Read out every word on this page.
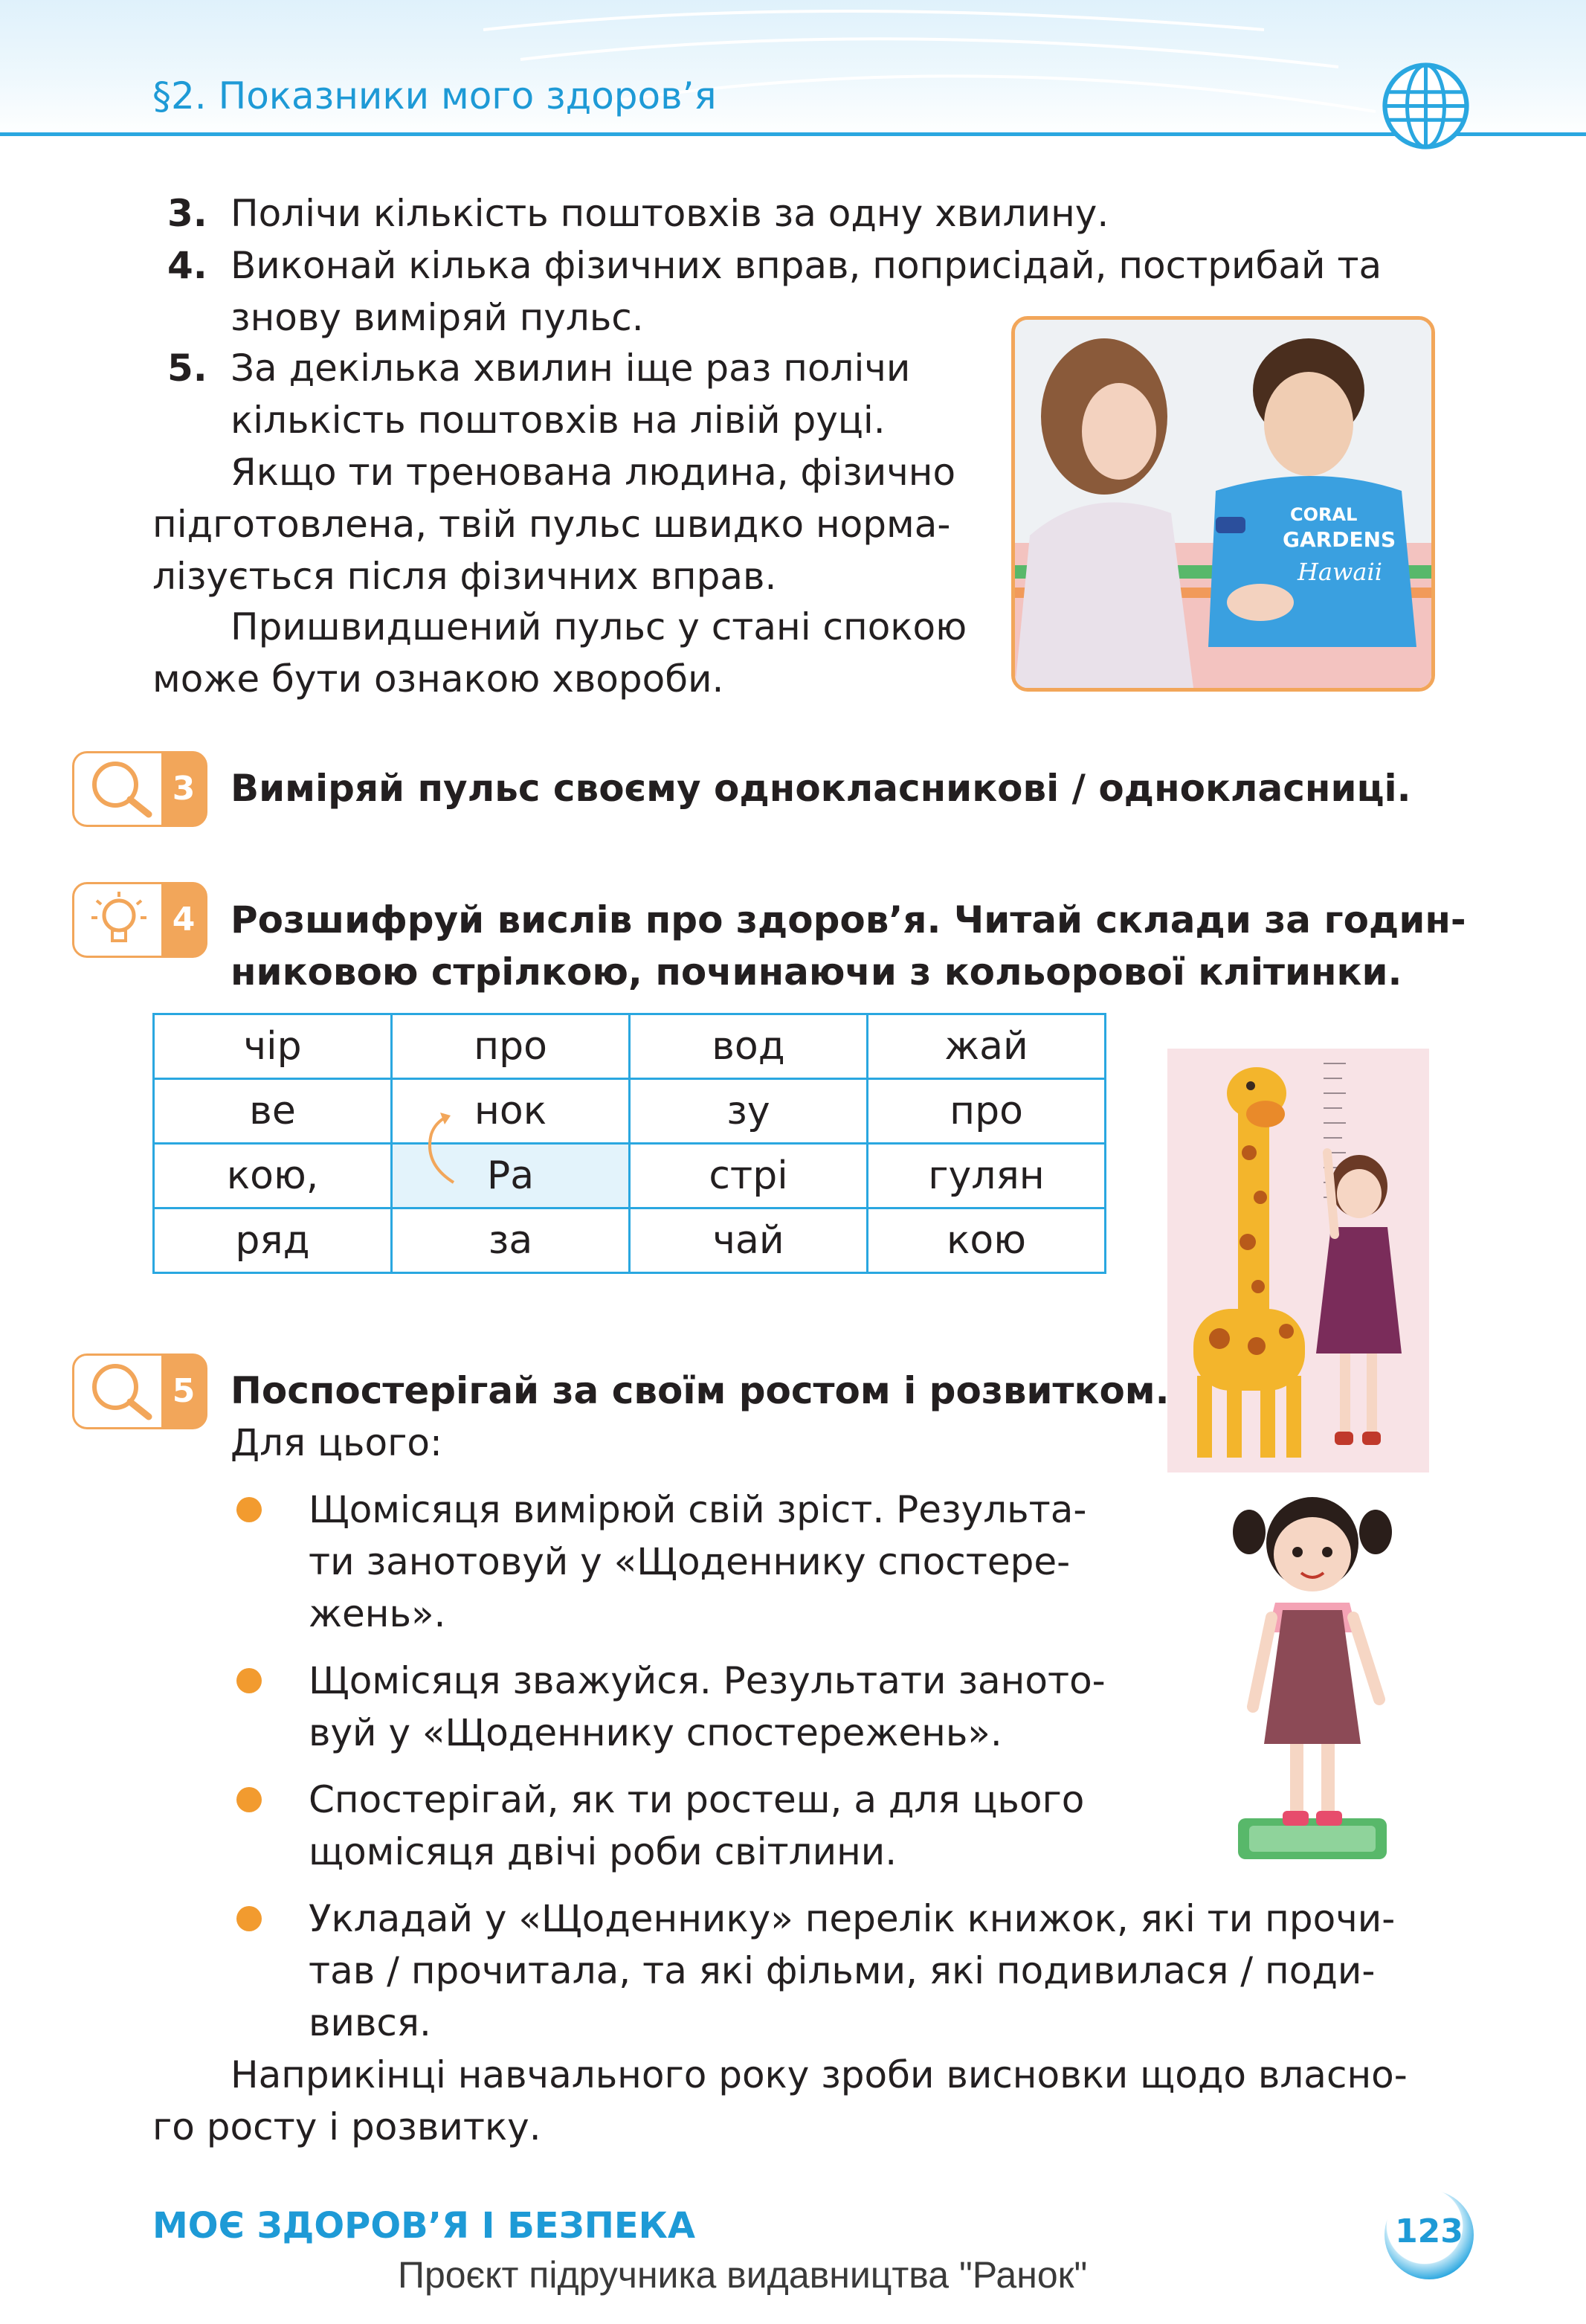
§2. Показники мого здоров’я
3. Полічи кількість поштовхів за одну хвилину.
4. Виконай кілька фізичних вправ, поприсідай, пострибай та
знову виміряй пульс.
5. За декілька хвилин іще раз полічи
кількість поштовхів на лівій руці.
Якщо ти тренована людина, фізично
підготовлена, твій пульс швидко норма-
лізується після фізичних вправ.
Пришвидшений пульс у стані спокою
може бути ознакою хвороби.
CORAL
GARDENS
Hawaii
3 Виміряй пульс своєму однокласникові / однокласниці.
4 Розшифруй вислів про здоров’я. Читай склади за годин-
никовою стрілкою, починаючи з кольорової клітинки.
чір	про	вод	жай
ве	нок	зу	про
кою,	Ра	стрі	гулян
ряд	за	чай	кою
5 Поспостерігай за своїм ростом і розвитком.
Для цього:
Щомісяця вимірюй свій зріст. Результа-
ти занотовуй у «Щоденнику спостере-
жень».
Щомісяця зважуйся. Результати заното-
вуй у «Щоденнику спостережень».
Спостерігай, як ти ростеш, а для цього
щомісяця двічі роби світлини.
Укладай у «Щоденнику» перелік книжок, які ти прочи-
тав / прочитала, та які фільми, які подивилася / поди-
вився.
Наприкінці навчального року зроби висновки щодо власно-
го росту і розвитку.
МОЄ ЗДОРОВ’Я І БЕЗПЕКА	123
Проєкт підручника видавництва "Ранок"
